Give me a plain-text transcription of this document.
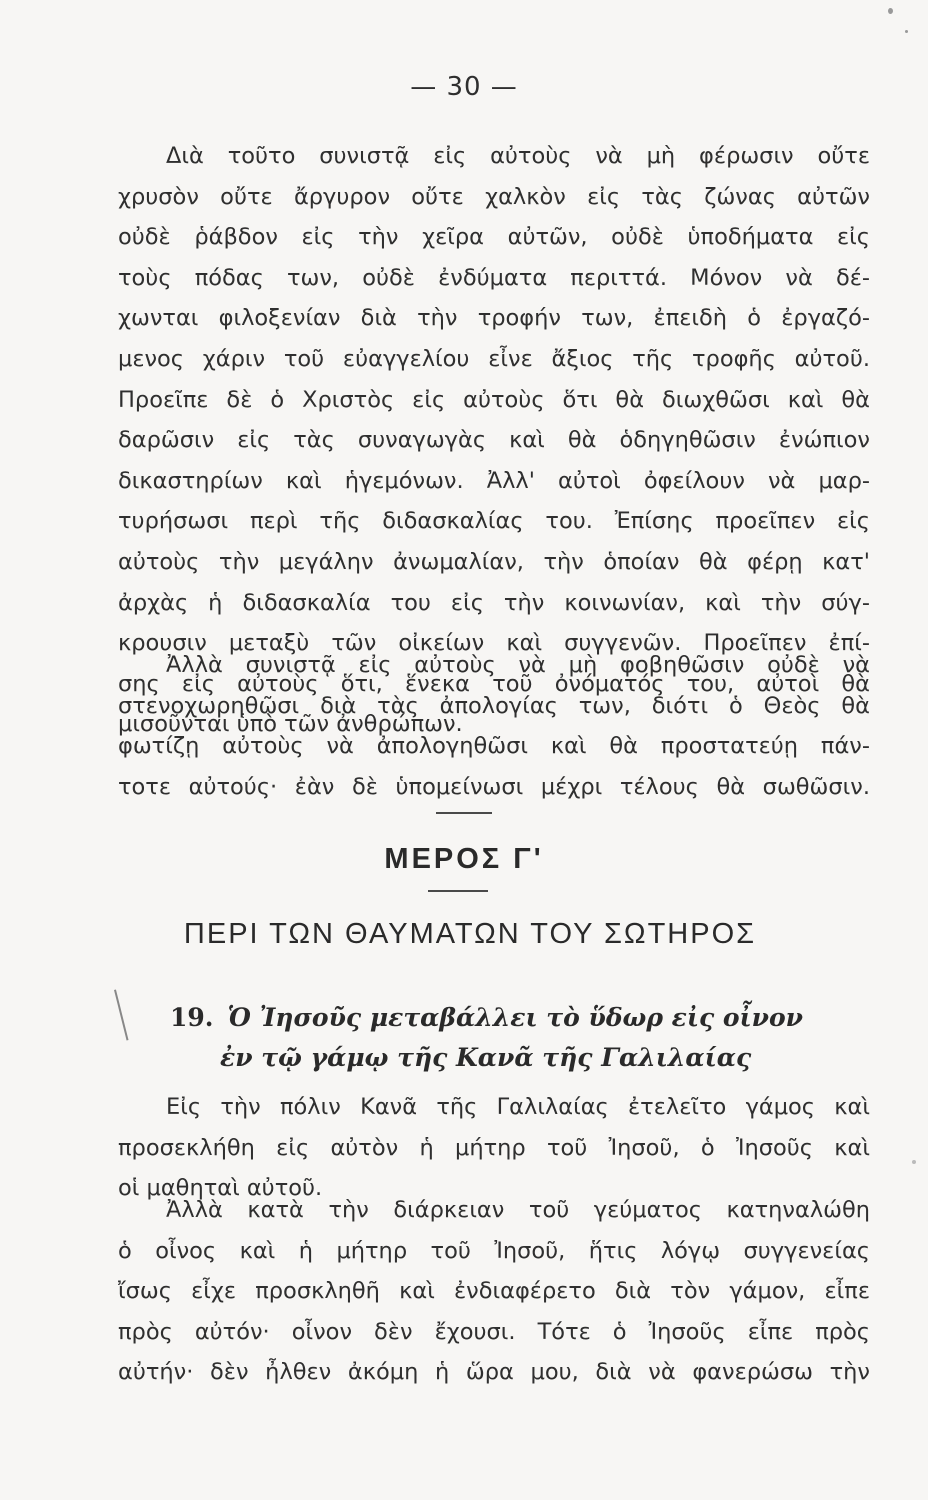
— 30 —
Διὰ τοῦτο συνιστᾷ εἰς αὐτοὺς νὰ μὴ φέρωσιν οὔτε
χρυσὸν οὔτε ἄργυρον οὔτε χαλκὸν εἰς τὰς ζώνας αὐτῶν
οὐδὲ ῥάβδον εἰς τὴν χεῖρα αὐτῶν, οὐδὲ ὑποδήματα εἰς
τοὺς πόδας των, οὐδὲ ἐνδύματα περιττά. Μόνον νὰ δέ-
χωνται φιλοξενίαν διὰ τὴν τροφήν των, ἐπειδὴ ὁ ἐργαζό-
μενος χάριν τοῦ εὐαγγελίου εἶνε ἄξιος τῆς τροφῆς αὐτοῦ.
Προεῖπε δὲ ὁ Χριστὸς εἰς αὐτοὺς ὅτι θὰ διωχθῶσι καὶ θὰ
δαρῶσιν εἰς τὰς συναγωγὰς καὶ θὰ ὁδηγηθῶσιν ἐνώπιον
δικαστηρίων καὶ ἡγεμόνων. Ἀλλ' αὐτοὶ ὀφείλουν νὰ μαρ-
τυρήσωσι περὶ τῆς διδασκαλίας του. Ἐπίσης προεῖπεν εἰς
αὐτοὺς τὴν μεγάλην ἀνωμαλίαν, τὴν ὁποίαν θὰ φέρῃ κατ'
ἀρχὰς ἡ διδασκαλία του εἰς τὴν κοινωνίαν, καὶ τὴν σύγ-
κρουσιν μεταξὺ τῶν οἰκείων καὶ συγγενῶν. Προεῖπεν ἐπί-
σης εἰς αὐτοὺς ὅτι, ἕνεκα τοῦ ὀνόματός του, αὐτοὶ θὰ
μισοῦνται ὑπὸ τῶν ἀνθρώπων.
Ἀλλὰ συνιστᾷ εἰς αὐτοὺς νὰ μὴ φοβηθῶσιν οὐδὲ νὰ
στενοχωρηθῶσι διὰ τὰς ἀπολογίας των, διότι ὁ Θεὸς θὰ
φωτίζῃ αὐτοὺς νὰ ἀπολογηθῶσι καὶ θὰ προστατεύῃ πάν-
τοτε αὐτούς· ἐὰν δὲ ὑπομείνωσι μέχρι τέλους θὰ σωθῶσιν.
ΜΕΡΟΣ Γ'
ΠΕΡΙ ΤΩΝ ΘΑΥΜΑΤΩΝ ΤΟΥ ΣΩΤΗΡΟΣ
19. Ὁ Ἰησοῦς μεταβάλλει τὸ ὕδωρ εἰς οἶνον
ἐν τῷ γάμῳ τῆς Κανᾶ τῆς Γαλιλαίας
Εἰς τὴν πόλιν Κανᾶ τῆς Γαλιλαίας ἐτελεῖτο γάμος καὶ
προσεκλήθη εἰς αὐτὸν ἡ μήτηρ τοῦ Ἰησοῦ, ὁ Ἰησοῦς καὶ
οἱ μαθηταὶ αὐτοῦ.
Ἀλλὰ κατὰ τὴν διάρκειαν τοῦ γεύματος κατηναλώθη
ὁ οἶνος καὶ ἡ μήτηρ τοῦ Ἰησοῦ, ἥτις λόγῳ συγγενείας
ἴσως εἶχε προσκληθῆ καὶ ἐνδιαφέρετο διὰ τὸν γάμον, εἶπε
πρὸς αὐτόν· οἶνον δὲν ἔχουσι. Τότε ὁ Ἰησοῦς εἶπε πρὸς
αὐτήν· δὲν ἦλθεν ἀκόμη ἡ ὥρα μου, διὰ νὰ φανερώσω τὴν
